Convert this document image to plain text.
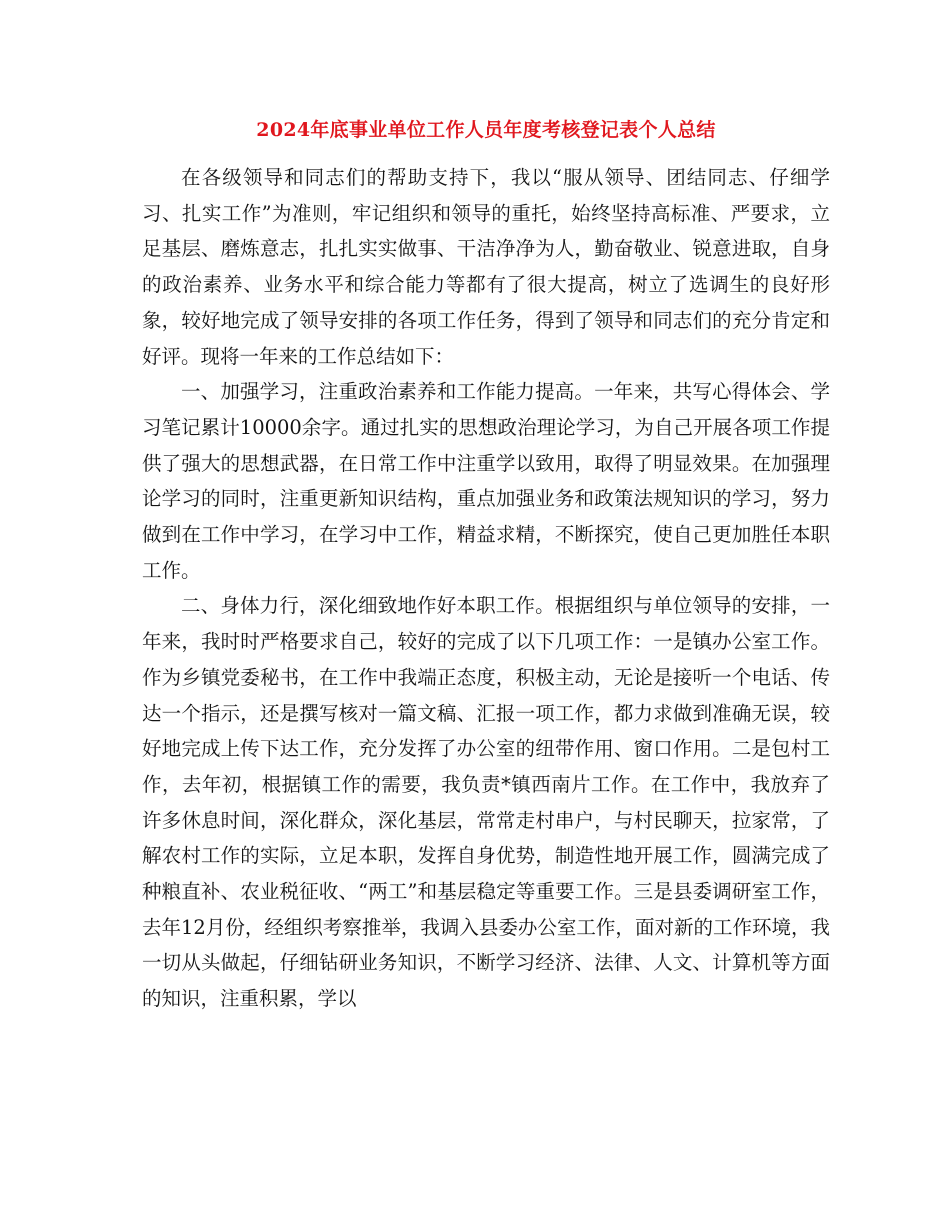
2024年底事业单位工作人员年度考核登记表个人总结

在各级领导和同志们的帮助支持下，我以“服从领导、团结同志、仔细学习、扎实工作”为准则，牢记组织和领导的重托，始终坚持高标准、严要求，立足基层、磨炼意志，扎扎实实做事、干洁净净为人，勤奋敬业、锐意进取，自身的政治素养、业务水平和综合能力等都有了很大提高，树立了选调生的良好形象，较好地完成了领导安排的各项工作任务，得到了领导和同志们的充分肯定和好评。现将一年来的工作总结如下：

一、加强学习，注重政治素养和工作能力提高。一年来，共写心得体会、学习笔记累计10000余字。通过扎实的思想政治理论学习，为自己开展各项工作提供了强大的思想武器，在日常工作中注重学以致用，取得了明显效果。在加强理论学习的同时，注重更新知识结构，重点加强业务和政策法规知识的学习，努力做到在工作中学习，在学习中工作，精益求精，不断探究，使自己更加胜任本职工作。

二、身体力行，深化细致地作好本职工作。根据组织与单位领导的安排，一年来，我时时严格要求自己，较好的完成了以下几项工作：一是镇办公室工作。作为乡镇党委秘书，在工作中我端正态度，积极主动，无论是接听一个电话、传达一个指示，还是撰写核对一篇文稿、汇报一项工作，都力求做到准确无误，较好地完成上传下达工作，充分发挥了办公室的纽带作用、窗口作用。二是包村工作，去年初，根据镇工作的需要，我负责*镇西南片工作。在工作中，我放弃了许多休息时间，深化群众，深化基层，常常走村串户，与村民聊天，拉家常，了解农村工作的实际，立足本职，发挥自身优势，制造性地开展工作，圆满完成了种粮直补、农业税征收、“两工”和基层稳定等重要工作。三是县委调研室工作，去年12月份，经组织考察推举，我调入县委办公室工作，面对新的工作环境，我一切从头做起，仔细钻研业务知识，不断学习经济、法律、人文、计算机等方面的知识，注重积累，学以
